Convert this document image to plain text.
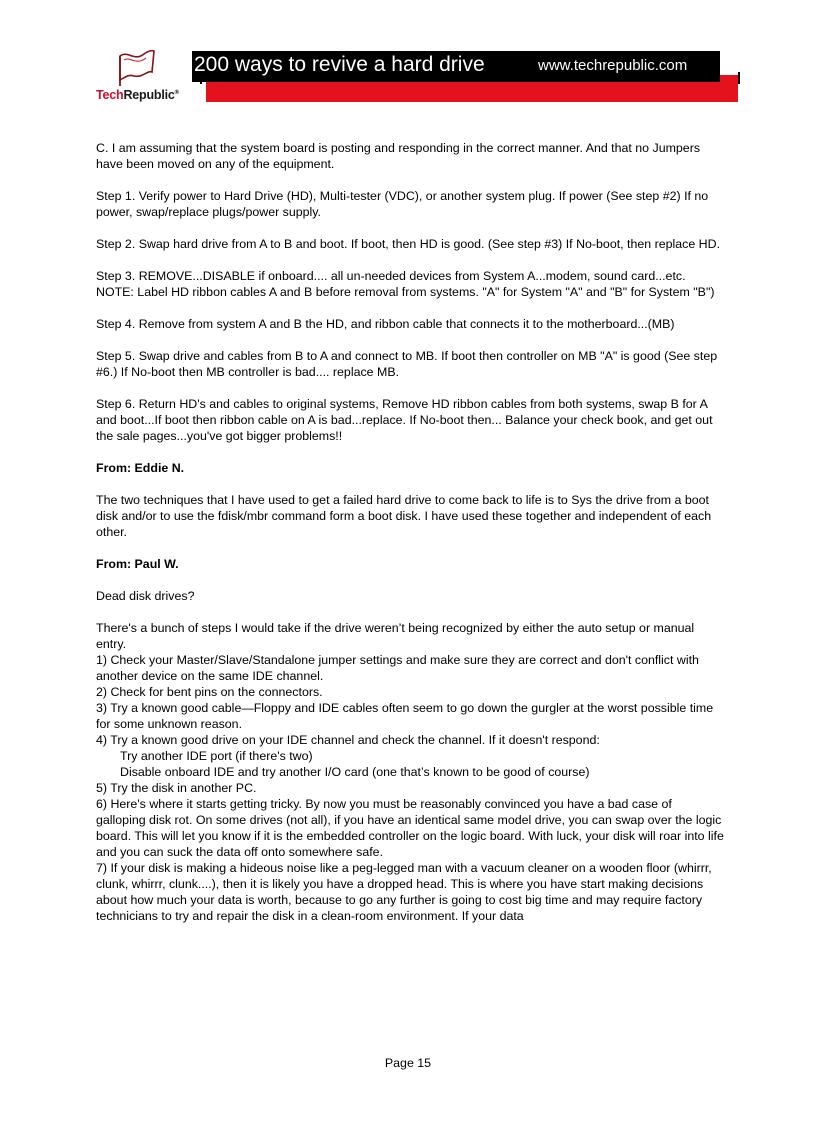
TechRepublic®
200 ways to revive a hard drive	www.techrepublic.com

C. I am assuming that the system board is posting and responding in the correct manner. And that no Jumpers have been moved on any of the equipment.

Step 1. Verify power to Hard Drive (HD), Multi-tester (VDC), or another system plug. If power (See step #2) If no power, swap/replace plugs/power supply.

Step 2. Swap hard drive from A to B and boot. If boot, then HD is good. (See step #3) If No-boot, then replace HD.

Step 3. REMOVE...DISABLE if onboard.... all un-needed devices from System A...modem, sound card...etc.

NOTE: Label HD ribbon cables A and B before removal from systems. "A" for System "A" and "B" for System "B")

Step 4. Remove from system A and B the HD, and ribbon cable that connects it to the motherboard...(MB)

Step 5. Swap drive and cables from B to A and connect to MB. If boot then controller on MB "A" is good (See step #6.) If No-boot then MB controller is bad.... replace MB.

Step 6. Return HD's and cables to original systems, Remove HD ribbon cables from both systems, swap B for A and boot...If boot then ribbon cable on A is bad...replace. If No-boot then... Balance your check book, and get out the sale pages...you've got bigger problems!!

From: Eddie N.

The two techniques that I have used to get a failed hard drive to come back to life is to Sys the drive from a boot disk and/or to use the fdisk/mbr command form a boot disk. I have used these together and independent of each other.

From: Paul W.

Dead disk drives?

There's a bunch of steps I would take if the drive weren’t being recognized by either the auto setup or manual entry.

1) Check your Master/Slave/Standalone jumper settings and make sure they are correct and don't conflict with another device on the same IDE channel.

2) Check for bent pins on the connectors.

3) Try a known good cable—Floppy and IDE cables often seem to go down the gurgler at the worst possible time for some unknown reason.

4) Try a known good drive on your IDE channel and check the channel. If it doesn't respond:

Try another IDE port (if there's two)

Disable onboard IDE and try another I/O card (one that’s known to be good of course)

5) Try the disk in another PC.

6) Here's where it starts getting tricky. By now you must be reasonably convinced you have a bad case of galloping disk rot. On some drives (not all), if you have an identical same model drive, you can swap over the logic board. This will let you know if it is the embedded controller on the logic board. With luck, your disk will roar into life and you can suck the data off onto somewhere safe.

7) If your disk is making a hideous noise like a peg-legged man with a vacuum cleaner on a wooden floor (whirrr, clunk, whirrr, clunk....), then it is likely you have a dropped head. This is where you have start making decisions about how much your data is worth, because to go any further is going to cost big time and may require factory technicians to try and repair the disk in a clean-room environment. If your data

Page 15
